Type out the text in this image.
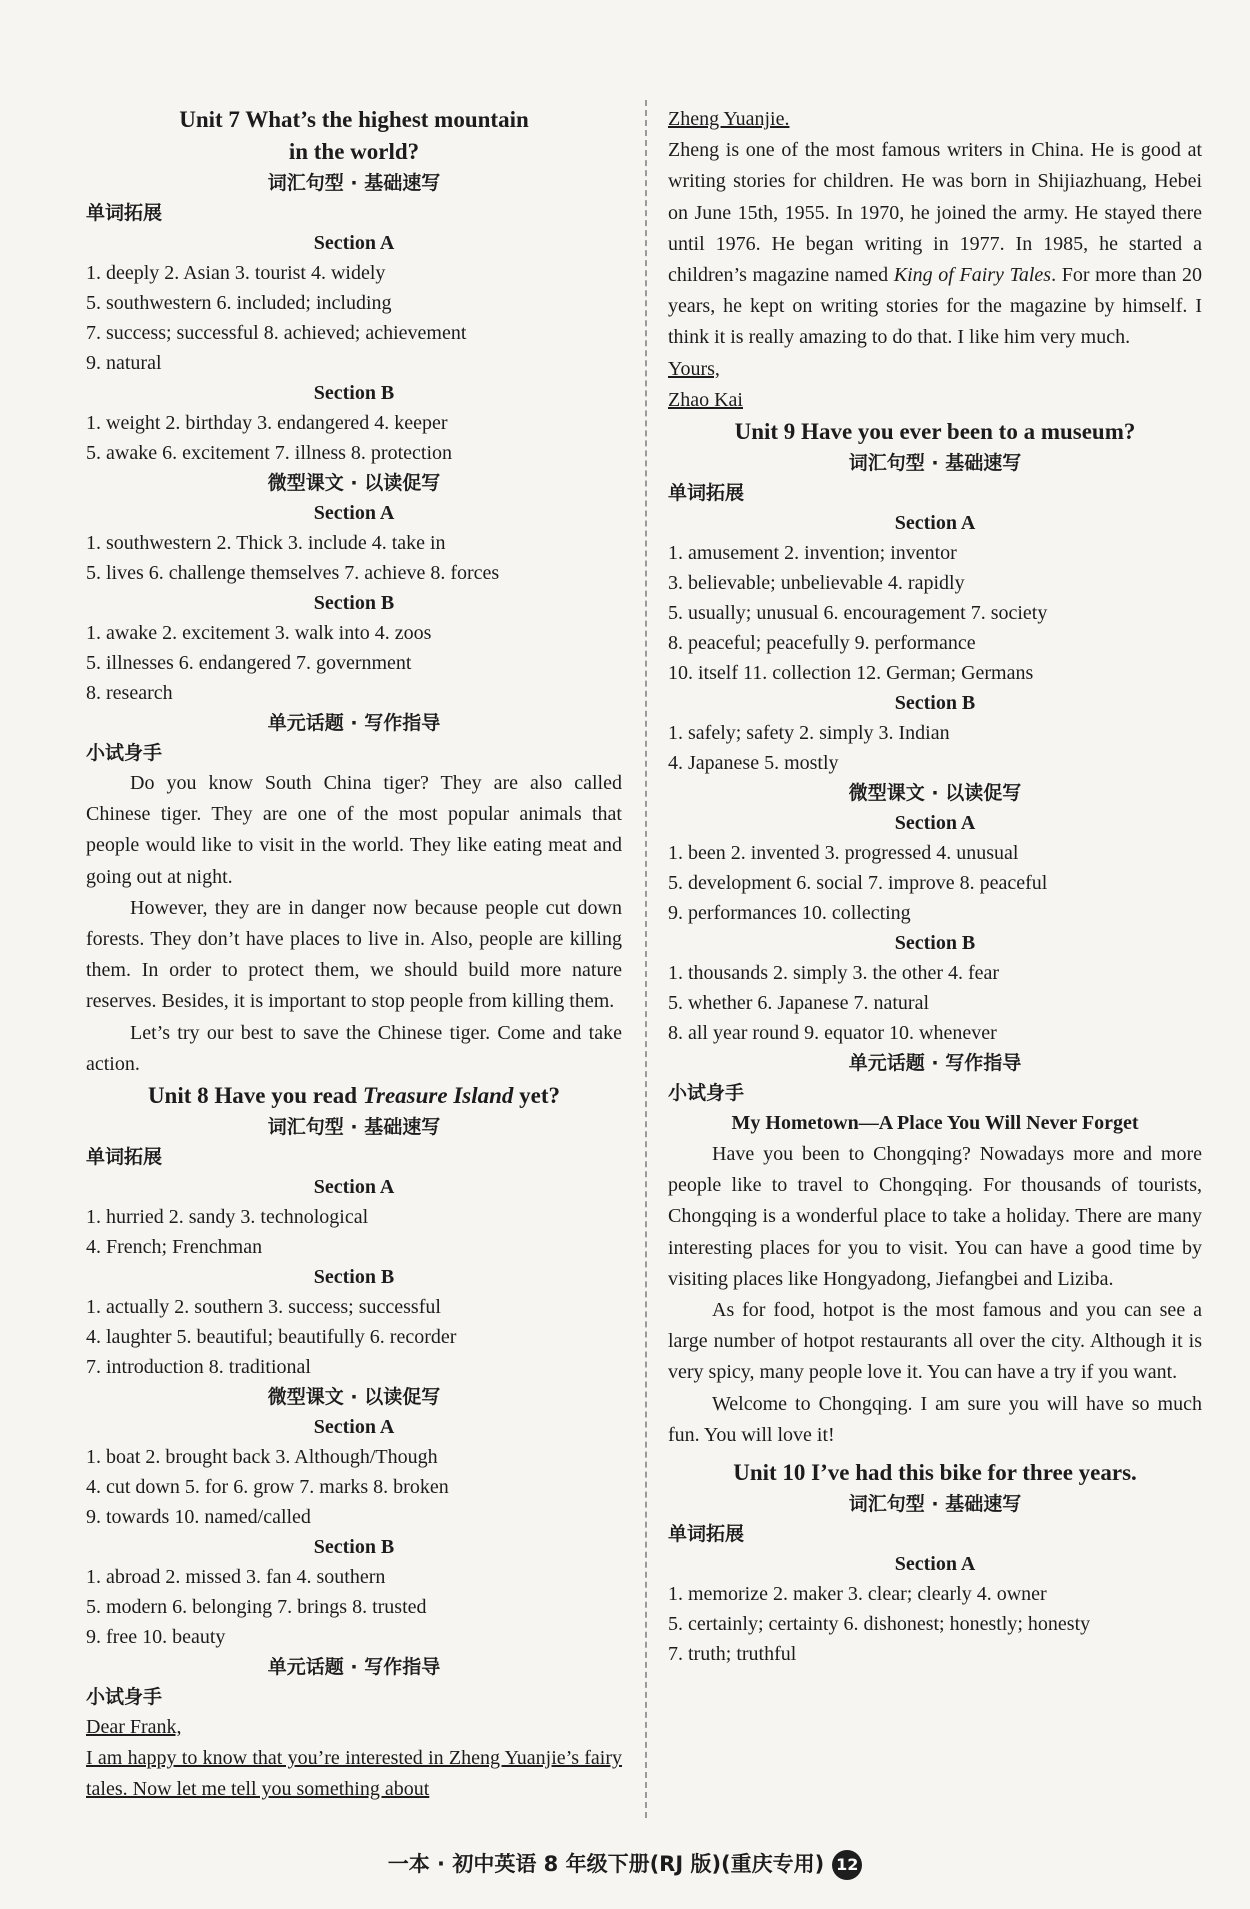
Unit 7 What’s the highest mountain
in the world?
词汇句型 · 基础速写
单词拓展
Section A
1. deeply 2. Asian 3. tourist 4. widely
5. southwestern 6. included; including
7. success; successful 8. achieved; achievement
9. natural
Section B
1. weight 2. birthday 3. endangered 4. keeper
5. awake 6. excitement 7. illness 8. protection
微型课文 · 以读促写
Section A
1. southwestern 2. Thick 3. include 4. take in
5. lives 6. challenge themselves 7. achieve 8. forces
Section B
1. awake 2. excitement 3. walk into 4. zoos
5. illnesses 6. endangered 7. government
8. research
单元话题 · 写作指导
小试身手
Do you know South China tiger? They are also called Chinese tiger. They are one of the most popular animals that people would like to visit in the world. They like eating meat and going out at night.
However, they are in danger now because people cut down forests. They don’t have places to live in. Also, people are killing them. In order to protect them, we should build more nature reserves. Besides, it is important to stop people from killing them.
Let’s try our best to save the Chinese tiger. Come and take action.
Unit 8 Have you read Treasure Island yet?
词汇句型 · 基础速写
单词拓展
Section A
1. hurried 2. sandy 3. technological
4. French; Frenchman
Section B
1. actually 2. southern 3. success; successful
4. laughter 5. beautiful; beautifully 6. recorder
7. introduction 8. traditional
微型课文 · 以读促写
Section A
1. boat 2. brought back 3. Although/Though
4. cut down 5. for 6. grow 7. marks 8. broken
9. towards 10. named/called
Section B
1. abroad 2. missed 3. fan 4. southern
5. modern 6. belonging 7. brings 8. trusted
9. free 10. beauty
单元话题 · 写作指导
小试身手
Dear Frank,
I am happy to know that you’re interested in Zheng Yuanjie’s fairy tales. Now let me tell you something about
Zheng Yuanjie.
Zheng is one of the most famous writers in China. He is good at writing stories for children. He was born in Shijiazhuang, Hebei on June 15th, 1955. In 1970, he joined the army. He stayed there until 1976. He began writing in 1977. In 1985, he started a children’s magazine named King of Fairy Tales. For more than 20 years, he kept on writing stories for the magazine by himself. I think it is really amazing to do that. I like him very much.
Yours,
Zhao Kai
Unit 9 Have you ever been to a museum?
词汇句型 · 基础速写
单词拓展
Section A
1. amusement 2. invention; inventor
3. believable; unbelievable 4. rapidly
5. usually; unusual 6. encouragement 7. society
8. peaceful; peacefully 9. performance
10. itself 11. collection 12. German; Germans
Section B
1. safely; safety 2. simply 3. Indian
4. Japanese 5. mostly
微型课文 · 以读促写
Section A
1. been 2. invented 3. progressed 4. unusual
5. development 6. social 7. improve 8. peaceful
9. performances 10. collecting
Section B
1. thousands 2. simply 3. the other 4. fear
5. whether 6. Japanese 7. natural
8. all year round 9. equator 10. whenever
单元话题 · 写作指导
小试身手
My Hometown—A Place You Will Never Forget
Have you been to Chongqing? Nowadays more and more people like to travel to Chongqing. For thousands of tourists, Chongqing is a wonderful place to take a holiday. There are many interesting places for you to visit. You can have a good time by visiting places like Hongyadong, Jiefangbei and Liziba.
As for food, hotpot is the most famous and you can see a large number of hotpot restaurants all over the city. Although it is very spicy, many people love it. You can have a try if you want.
Welcome to Chongqing. I am sure you will have so much fun. You will love it!
Unit 10 I’ve had this bike for three years.
词汇句型 · 基础速写
单词拓展
Section A
1. memorize 2. maker 3. clear; clearly 4. owner
5. certainly; certainty 6. dishonest; honestly; honesty
7. truth; truthful
一本 · 初中英语 8 年级下册(RJ 版)(重庆专用) 12
